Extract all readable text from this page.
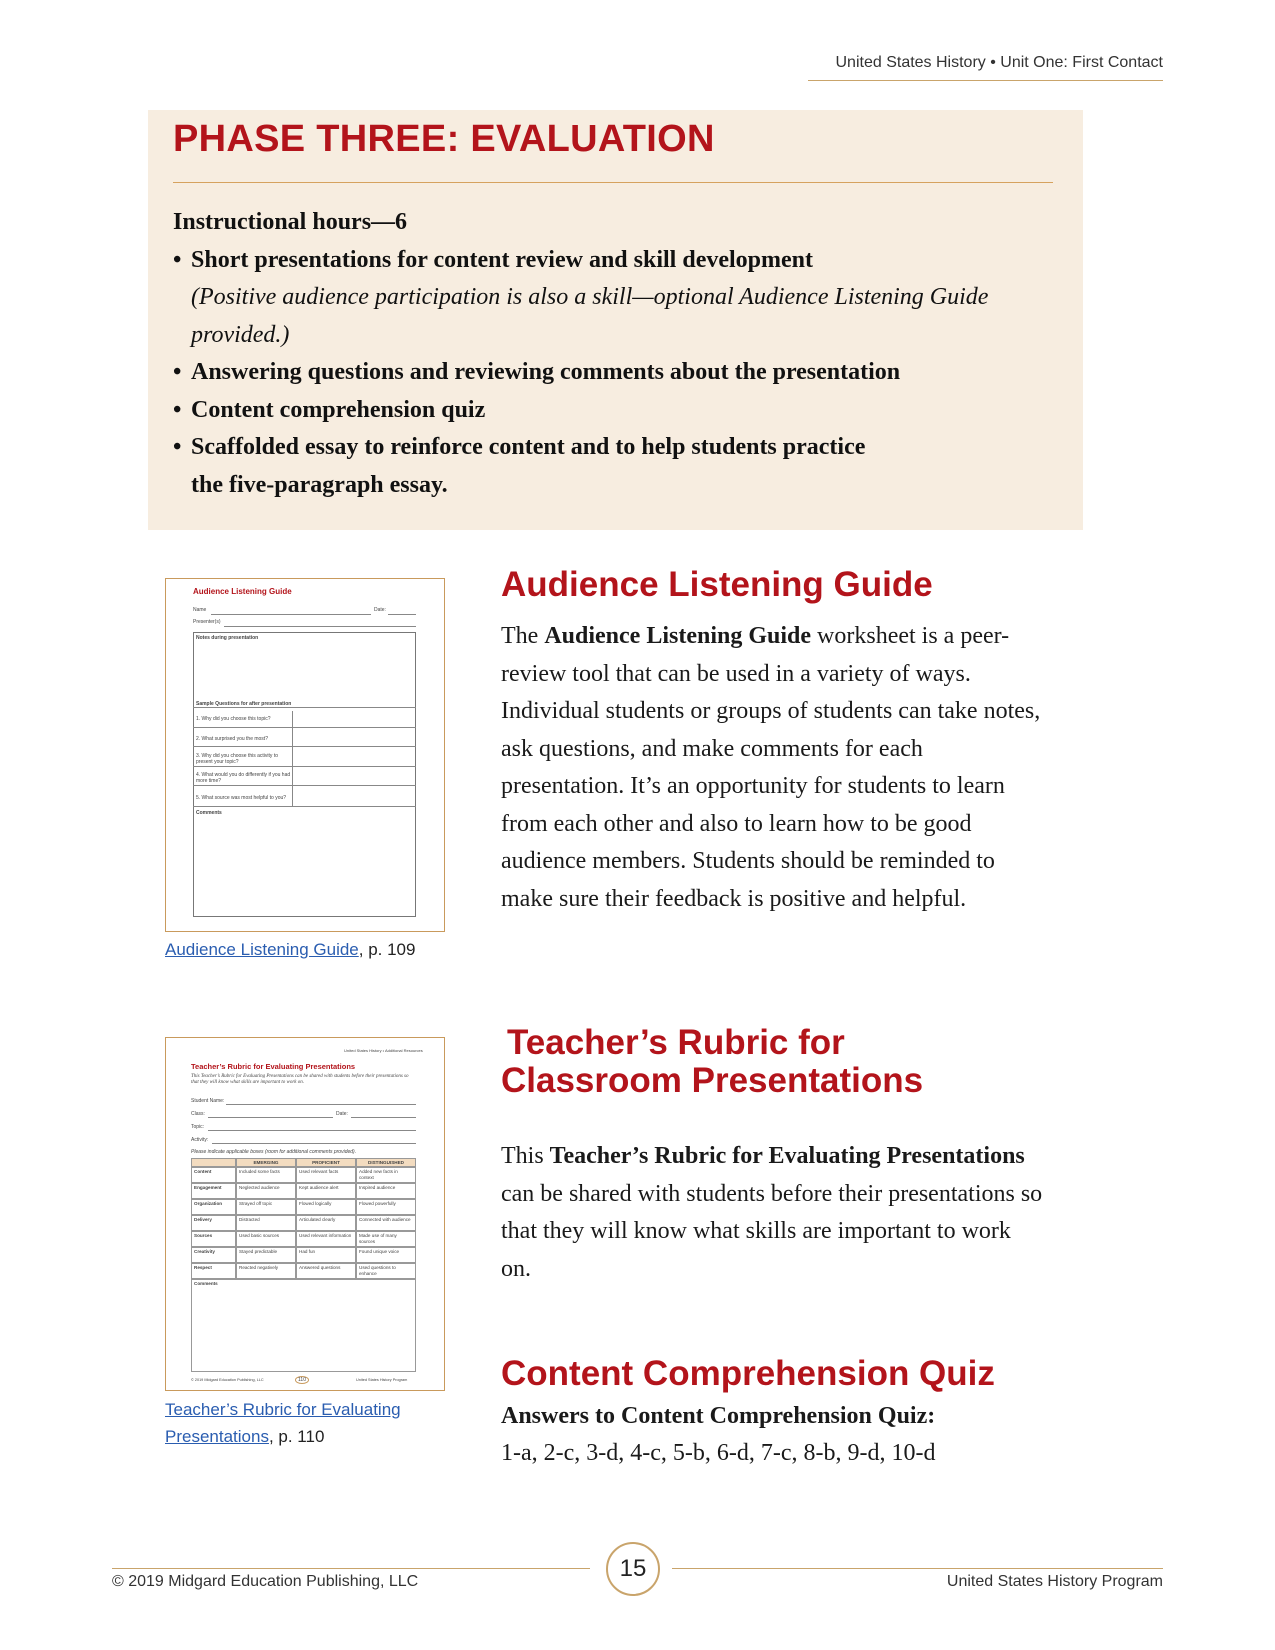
United States History • Unit One: First Contact
PHASE THREE: EVALUATION
Instructional hours—6
• Short presentations for content review and skill development
(Positive audience participation is also a skill—optional Audience Listening Guide provided.)
• Answering questions and reviewing comments about the presentation
• Content comprehension quiz
• Scaffolded essay to reinforce content and to help students practice the five-paragraph essay.
Audience Listening Guide
Name	Date:
Presenter(s)
Notes during presentation
Sample Questions for after presentation
1. Why did you choose this topic?
2. What surprised you the most?
3. Why did you choose this activity to present your topic?
4. What would you do differently if you had more time?
5. What source was most helpful to you?
Comments
Audience Listening Guide, p. 109
Audience Listening Guide
The Audience Listening Guide worksheet is a peer-review tool that can be used in a variety of ways. Individual students or groups of students can take notes, ask questions, and make comments for each presentation. It’s an opportunity for students to learn from each other and also to learn how to be good audience members. Students should be reminded to make sure their feedback is positive and helpful.
United States History • Additional Resources
Teacher’s Rubric for Evaluating Presentations
This Teacher’s Rubric for Evaluating Presentations can be shared with students before their presentations so that they will know what skills are important to work on.
Student Name:
Class:	Date:
Topic:
Activity:
Please indicate applicable boxes (room for additional comments provided).
EMERGING	PROFICIENT	DISTINGUISHED
Content	Included some facts	Used relevant facts	Added new facts in context
Engagement	Neglected audience	Kept audience alert	Inspired audience
Organization	Strayed off topic	Flowed logically	Flowed powerfully
Delivery	Distracted	Articulated clearly	Connected with audience
Sources	Used basic sources	Used relevant information	Made use of many sources
Creativity	Stayed predictable	Had fun	Found unique voice
Respect	Reacted negatively	Answered questions	Used questions to enhance
Comments
© 2019 Midgard Education Publishing, LLC	110	United States History Program
Teacher’s Rubric for Evaluating Presentations, p. 110
Teacher’s Rubric for
Classroom Presentations
This Teacher’s Rubric for Evaluating Presentations can be shared with students before their presentations so that they will know what skills are important to work on.
Content Comprehension Quiz
Answers to Content Comprehension Quiz:
1-a, 2-c, 3-d, 4-c, 5-b, 6-d, 7-c, 8-b, 9-d, 10-d
15
© 2019 Midgard Education Publishing, LLC	United States History Program
